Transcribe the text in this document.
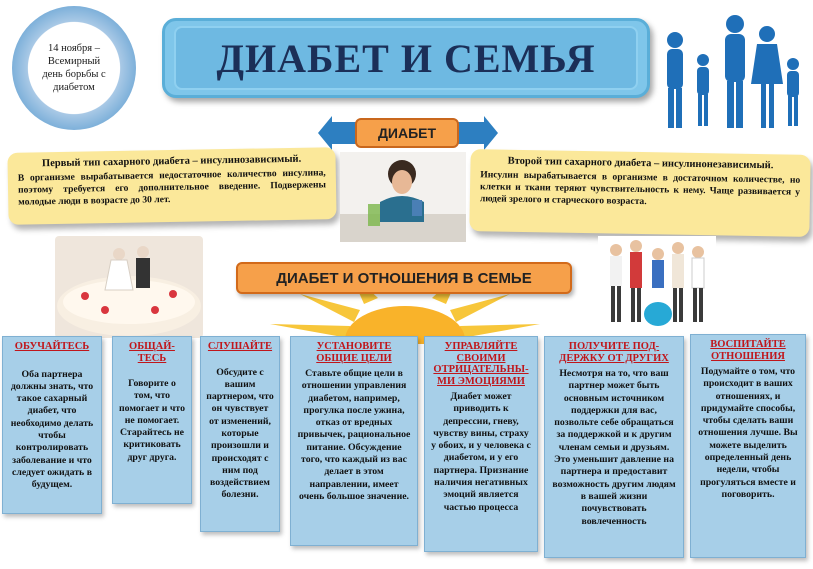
14 ноября – Всемирный день борьбы с диабетом
ДИАБЕТ И СЕМЬЯ
ДИАБЕТ
Первый тип сахарного диабета – инсулинозависимый.
В организме вырабатывается недостаточное количество инсулина, поэтому требуется его дополнительное введение. Подвержены молодые люди в возрасте до 30 лет.
Второй тип сахарного диабета – инсулинонезависимый.
Инсулин вырабатывается в организме в достаточном количестве, но клетки и ткани теряют чувствительность к нему. Чаще развивается у людей зрелого и старческого возраста.
ДИАБЕТ И ОТНОШЕНИЯ В СЕМЬЕ
ОБУЧАЙТЕСЬ
Оба партнера должны знать, что такое сахарный диабет, что необходимо делать чтобы контролировать заболевание и что следует ожидать в будущем.
ОБЩАЙ-ТЕСЬ
Говорите о том, что помогает и что не помогает. Старайтесь не критиковать друг друга.
СЛУШАЙТЕ
Обсудите с вашим партнером, что он чувствует от изменений, которые произошли и происходят с ним под воздействием болезни.
УСТАНОВИТЕ ОБЩИЕ ЦЕЛИ
Ставьте общие цели в отношении управления диабетом, например, прогулка после ужина, отказ от вредных привычек, рациональное питание. Обсуждение того, что каждый из вас делает в этом направлении, имеет очень большое значение.
УПРАВЛЯЙТЕ СВОИМИ ОТРИЦАТЕЛЬНЫ-МИ ЭМОЦИЯМИ
Диабет может приводить к депрессии, гневу, чувству вины, страху у обоих, и у человека с диабетом, и у его партнера. Признание наличия негативных эмоций является частью процесса
ПОЛУЧИТЕ ПОД-ДЕРЖКУ ОТ ДРУГИХ
Несмотря на то, что ваш партнер может быть основным источником поддержки для вас, позвольте себе обращаться за поддержкой и к другим членам семьи и друзьям. Это уменьшит давление на партнера и предоставит возможность другим людям в вашей жизни почувствовать вовлеченность
ВОСПИТАЙТЕ ОТНОШЕНИЯ
Подумайте о том, что происходит в ваших отношениях, и придумайте способы, чтобы сделать ваши отношения лучше. Вы можете выделить определенный день недели, чтобы прогуляться вместе и поговорить.
